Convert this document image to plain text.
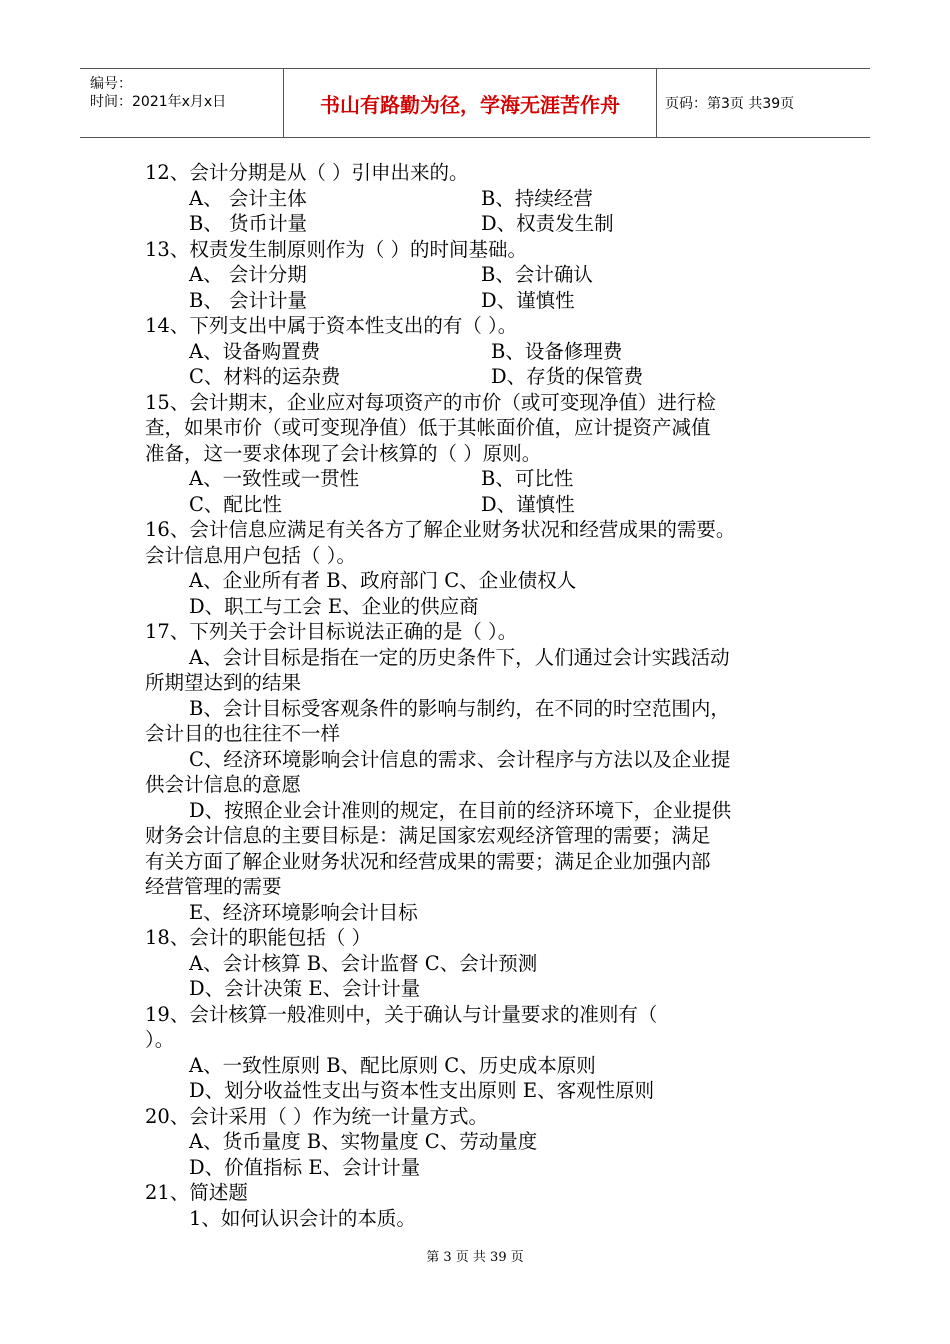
编号：
时间：2021年x月x日	书山有路勤为径，学海无涯苦作舟	页码：第3页 共39页
12、会计分期是从（ ）引申出来的。
A、 会计主体	B、持续经营
B、 货币计量	D、权责发生制
13、权责发生制原则作为（ ）的时间基础。
A、 会计分期	B、会计确认
B、 会计计量	D、谨慎性
14、下列支出中属于资本性支出的有（ ）。
A、设备购置费	B、设备修理费
C、材料的运杂费	D、存货的保管费
15、会计期末，企业应对每项资产的市价（或可变现净值）进行检
查，如果市价（或可变现净值）低于其帐面价值，应计提资产减值
准备，这一要求体现了会计核算的（ ）原则。
A、一致性或一贯性	B、可比性
C、配比性	D、谨慎性
16、会计信息应满足有关各方了解企业财务状况和经营成果的需要。
会计信息用户包括（ ）。
A、企业所有者 B、政府部门 C、企业债权人
D、职工与工会 E、企业的供应商
17、下列关于会计目标说法正确的是（ ）。
A、会计目标是指在一定的历史条件下，人们通过会计实践活动
所期望达到的结果
B、会计目标受客观条件的影响与制约，在不同的时空范围内，
会计目的也往往不一样
C、经济环境影响会计信息的需求、会计程序与方法以及企业提
供会计信息的意愿
D、按照企业会计准则的规定，在目前的经济环境下，企业提供
财务会计信息的主要目标是：满足国家宏观经济管理的需要；满足
有关方面了解企业财务状况和经营成果的需要；满足企业加强内部
经营管理的需要
E、经济环境影响会计目标
18、会计的职能包括（ ）
A、会计核算 B、会计监督 C、会计预测
D、会计决策 E、会计计量
19、会计核算一般准则中，关于确认与计量要求的准则有（
）。
A、一致性原则 B、配比原则 C、历史成本原则
D、划分收益性支出与资本性支出原则 E、客观性原则
20、会计采用（ ）作为统一计量方式。
A、货币量度 B、实物量度 C、劳动量度
D、价值指标 E、会计计量
21、简述题
1、如何认识会计的本质。
第 3 页 共 39 页
